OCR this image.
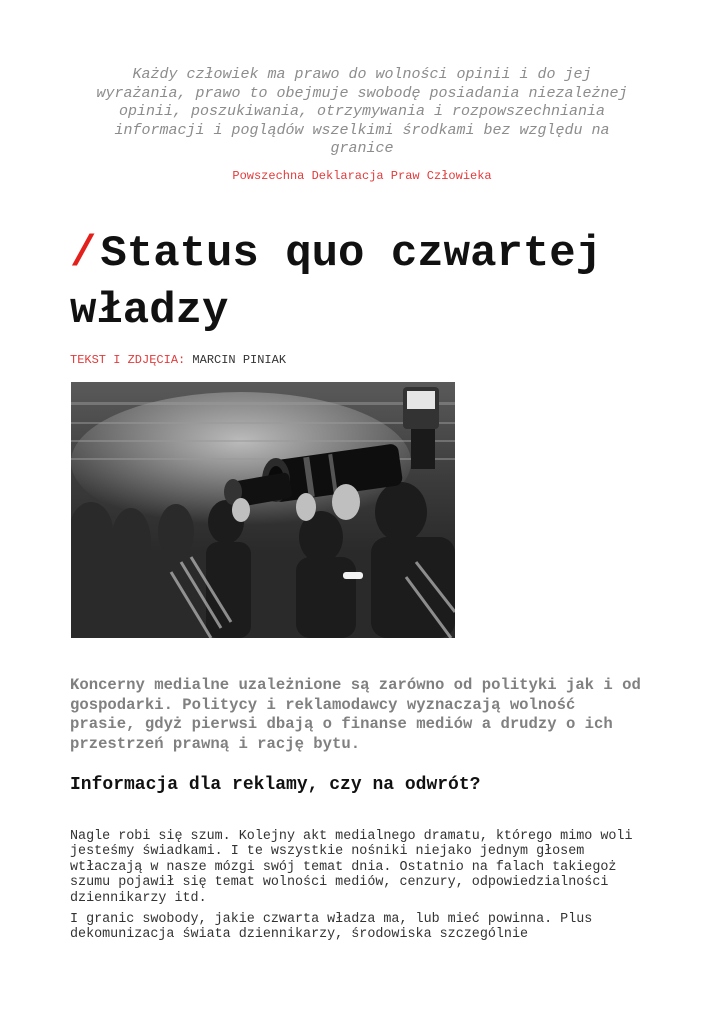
Każdy człowiek ma prawo do wolności opinii i do jej wyrażania, prawo to obejmuje swobodę posiadania niezależnej opinii, poszukiwania, otrzymywania i rozpowszechniania informacji i poglądów wszelkimi środkami bez względu na granice
Powszechna Deklaracja Praw Człowieka
/Status quo czwartej władzy
TEKST I ZDJĘCIA: MARCIN PINIAK
Koncerny medialne uzależnione są zarówno od polityki jak i od gospodarki. Politycy i reklamodawcy wyznaczają wolność prasie, gdyż pierwsi dbają o finanse mediów a drudzy o ich przestrzeń prawną i rację bytu.
Informacja dla reklamy, czy na odwrót?

Nagle robi się szum. Kolejny akt medialnego dramatu, którego mimo woli jesteśmy świadkami. I te wszystkie nośniki niejako jednym głosem wtłaczają w nasze mózgi swój temat dnia. Ostatnio na falach takiegoż szumu pojawił się temat wolności mediów, cenzury, odpowiedzialności dziennikarzy itd.

I granic swobody, jakie czwarta władza ma, lub mieć powinna. Plus dekomunizacja świata dziennikarzy, środowiska szczególnie
